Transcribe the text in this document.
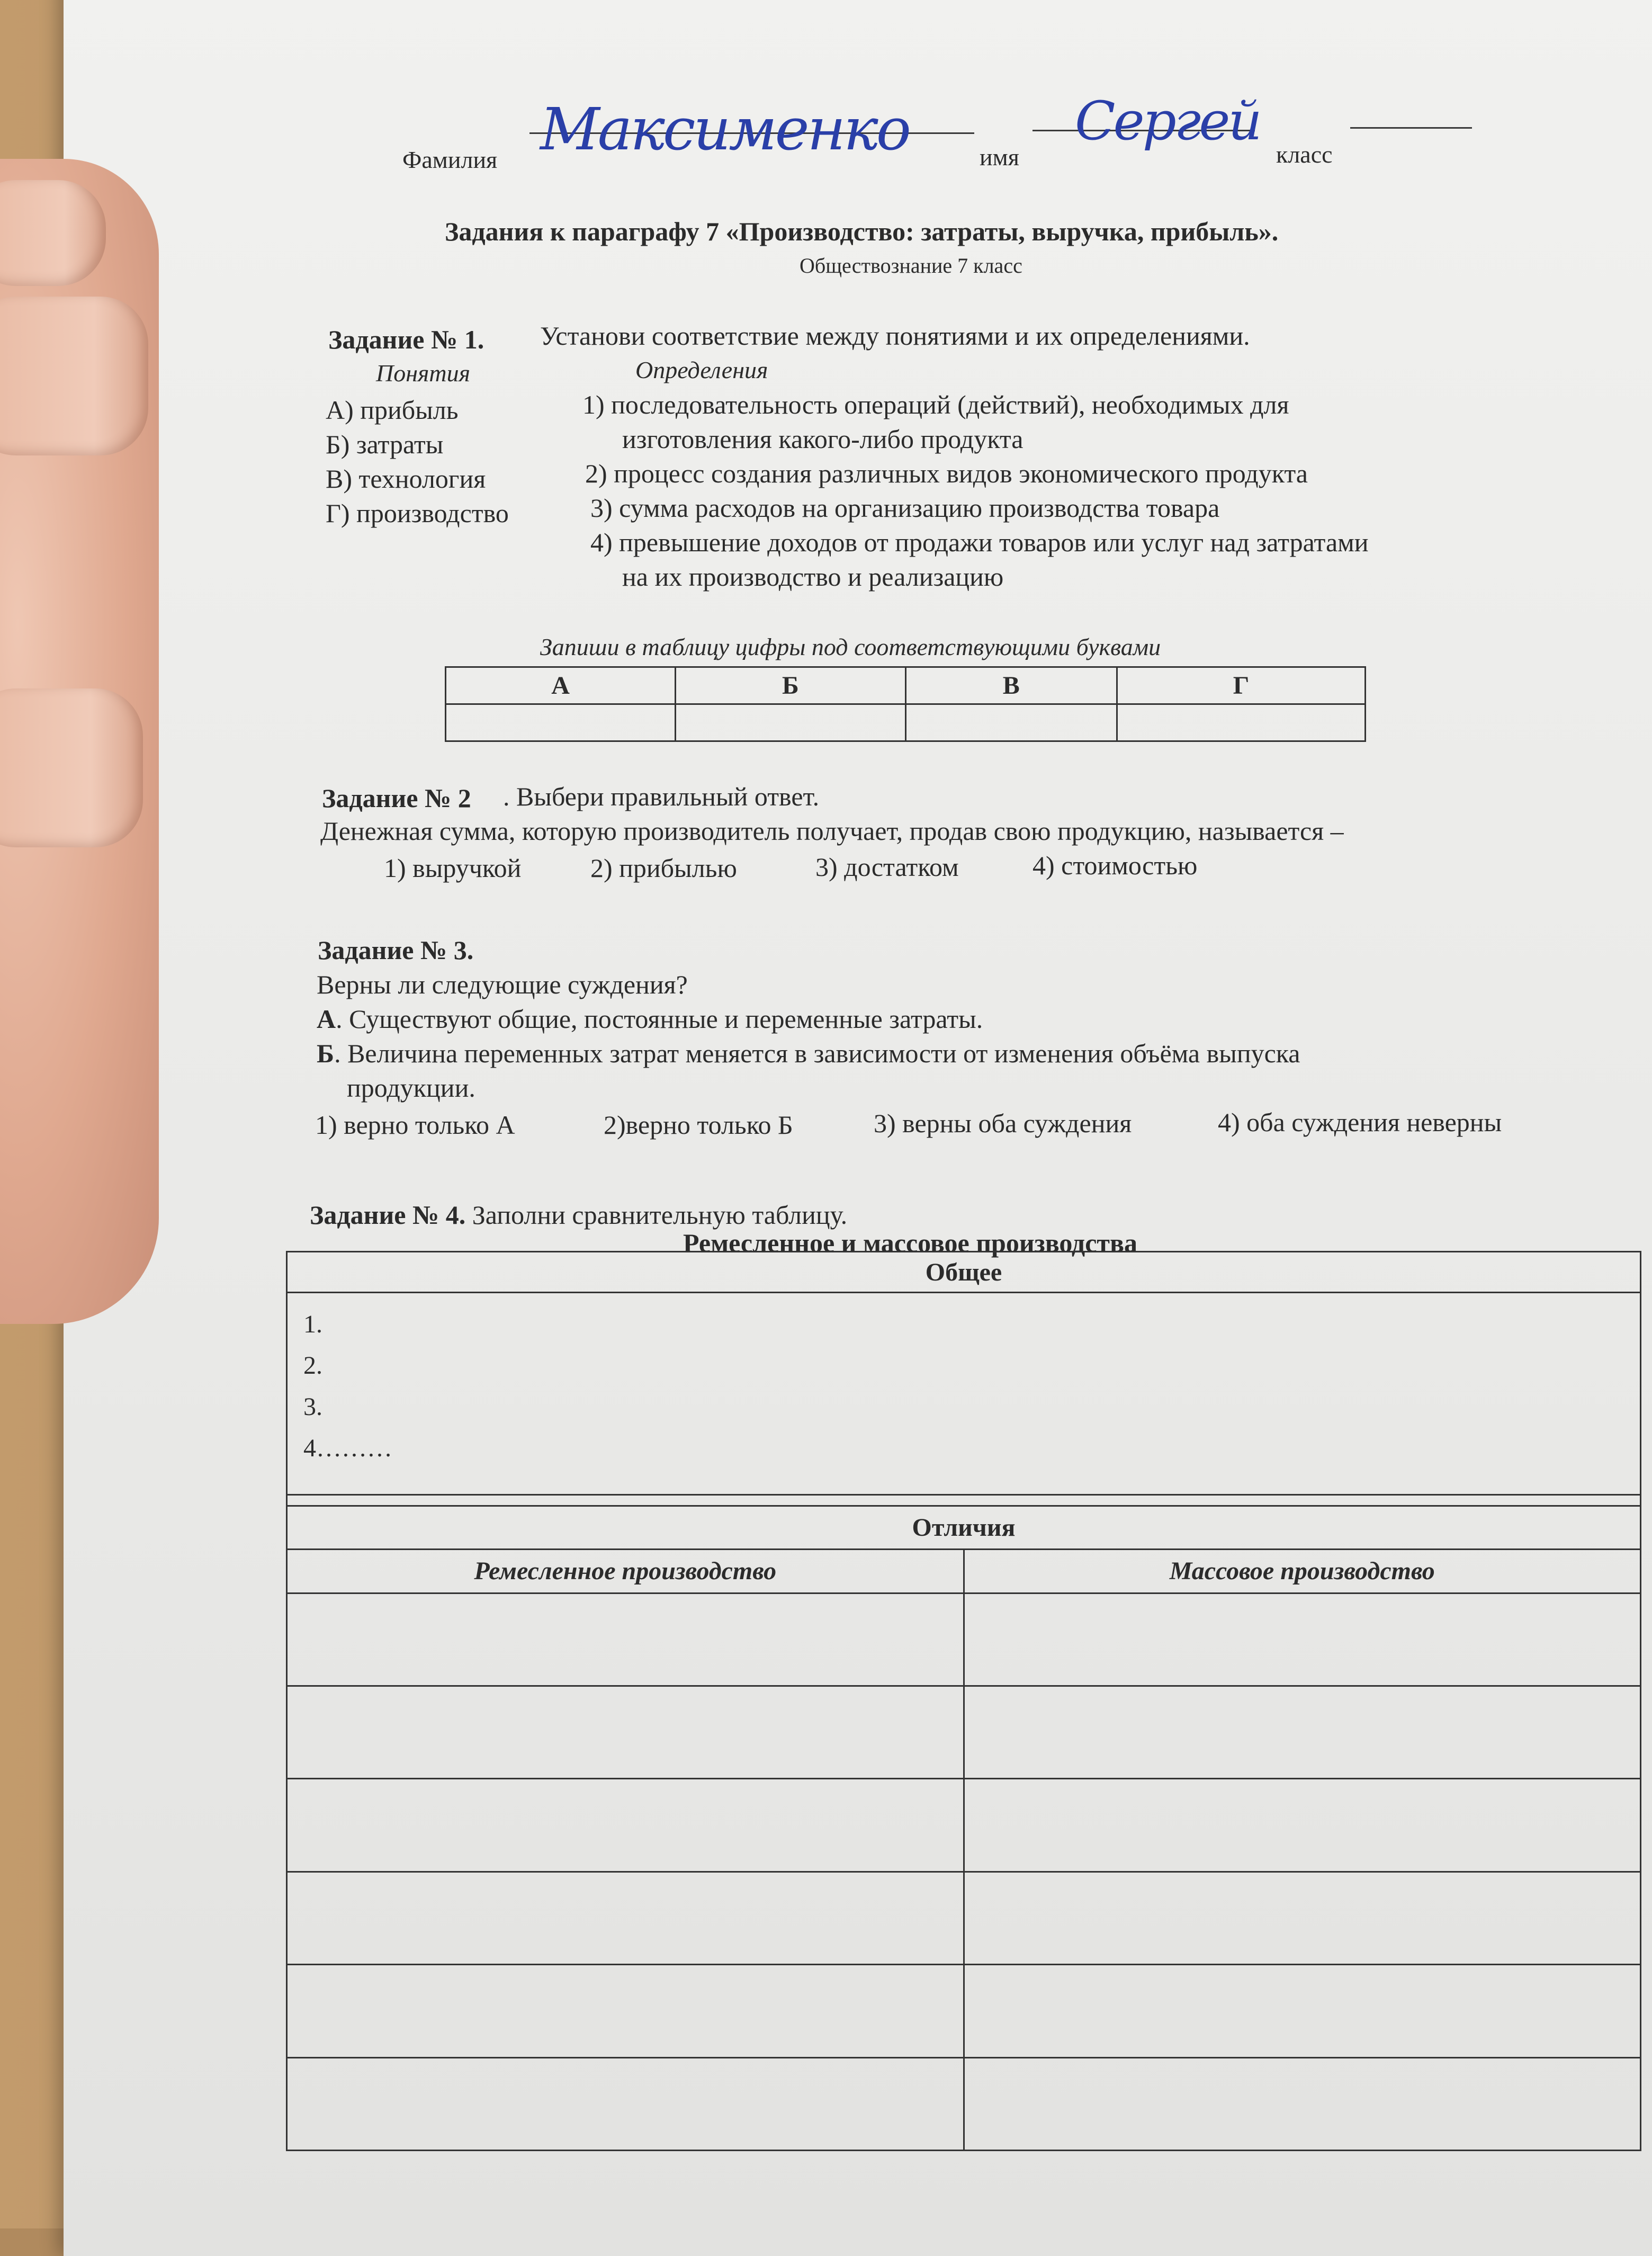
Фамилия Максименко	имя
Сергей
класс
Задания к параграфу 7 «Производство: затраты, выручка, прибыль».
Обществознание 7 класс
Задание № 1. Установи соответствие между понятиями и их определениями.
Понятия	Определения
А) прибыль
Б) затраты
В) технология
Г) производство
1) последовательность операций (действий), необходимых для
изготовления какого-либо продукта
2) процесс создания различных видов экономического продукта
3) сумма расходов на организацию производства товара
4) превышение доходов от продажи товаров или услуг над затратами
на их производство и реализацию
Запиши в таблицу цифры под соответствующими буквами
А	Б	В	Г

Задание № 2 . Выбери правильный ответ.
Денежная сумма, которую производитель получает, продав свою продукцию, называется –
1) выручкой	2) прибылью	3) достатком	4) стоимостью
Задание № 3.
Верны ли следующие суждения?
А. Существуют общие, постоянные и переменные затраты.
Б. Величина переменных затрат меняется в зависимости от изменения объёма выпуска
продукции.
1) верно только А	2)верно только Б	3) верны оба суждения	4) оба суждения неверны
Задание № 4. Заполни сравнительную таблицу.
Ремесленное и массовое производства
Общее	

1.
2.
3.
4………	

Отличия	
Ремесленное производство	Массовое производство
